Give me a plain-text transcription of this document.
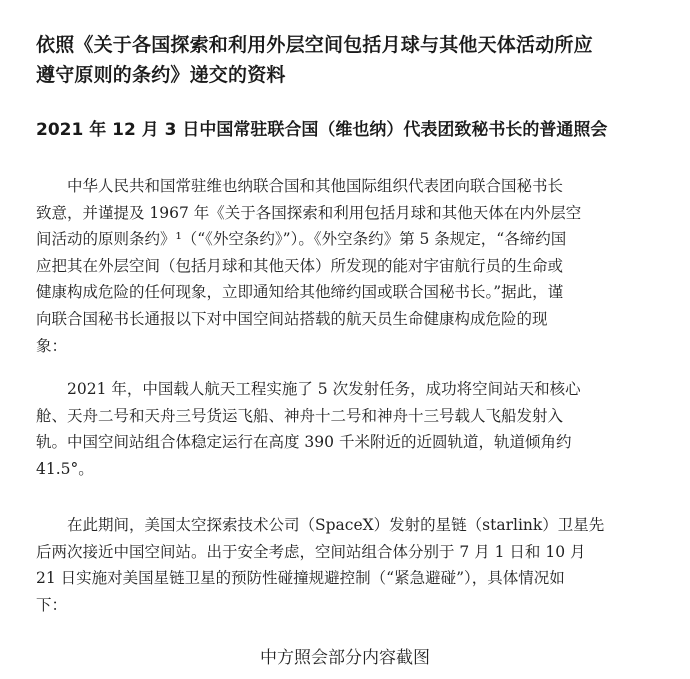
依照《关于各国探索和利用外层空间包括月球与其他天体活动所应
遵守原则的条约》递交的资料
2021 年 12 月 3 日中国常驻联合国（维也纳）代表团致秘书长的普通照会
　　中华人民共和国常驻维也纳联合国和其他国际组织代表团向联合国秘书长
致意，并谨提及 1967 年《关于各国探索和利用包括月球和其他天体在内外层空
间活动的原则条约》¹（“《外空条约》”）。《外空条约》第 5 条规定，“各缔约国
应把其在外层空间（包括月球和其他天体）所发现的能对宇宙航行员的生命或
健康构成危险的任何现象，立即通知给其他缔约国或联合国秘书长。”据此，谨
向联合国秘书长通报以下对中国空间站搭载的航天员生命健康构成危险的现
象：
　　2021 年，中国载人航天工程实施了 5 次发射任务，成功将空间站天和核心
舱、天舟二号和天舟三号货运飞船、神舟十二号和神舟十三号载人飞船发射入
轨。中国空间站组合体稳定运行在高度 390 千米附近的近圆轨道，轨道倾角约
41.5°。
　　在此期间，美国太空探索技术公司（SpaceX）发射的星链（starlink）卫星先
后两次接近中国空间站。出于安全考虑，空间站组合体分别于 7 月 1 日和 10 月
21 日实施对美国星链卫星的预防性碰撞规避控制（“紧急避碰”），具体情况如
下：
中方照会部分内容截图
